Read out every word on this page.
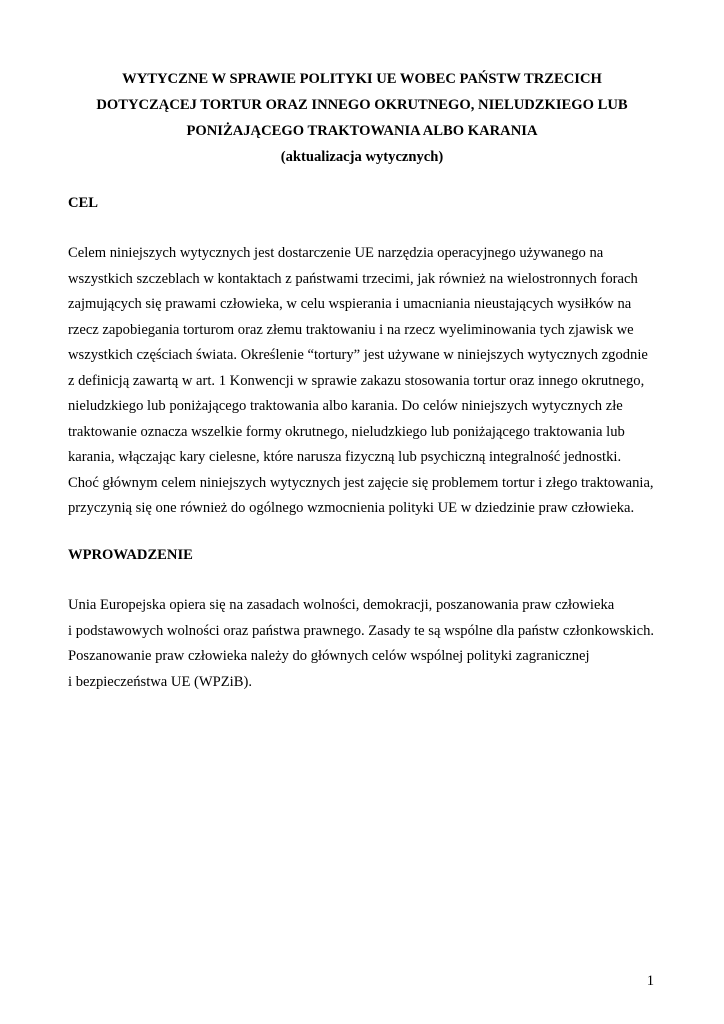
WYTYCZNE W SPRAWIE POLITYKI UE WOBEC PAŃSTW TRZECICH
DOTYCZĄCEJ TORTUR ORAZ INNEGO OKRUTNEGO, NIELUDZKIEGO LUB
PONIŻAJĄCEGO TRAKTOWANIA ALBO KARANIA
(aktualizacja wytycznych)
CEL
Celem niniejszych wytycznych jest dostarczenie UE narzędzia operacyjnego używanego na
wszystkich szczeblach w kontaktach z państwami trzecimi, jak również na wielostronnych forach
zajmujących się prawami człowieka, w celu wspierania i umacniania nieustających wysiłków na
rzecz zapobiegania torturom oraz złemu traktowaniu i na rzecz wyeliminowania tych zjawisk we
wszystkich częściach świata. Określenie “tortury” jest używane w niniejszych wytycznych zgodnie
z definicją zawartą w art. 1 Konwencji w sprawie zakazu stosowania tortur oraz innego okrutnego,
nieludzkiego lub poniżającego traktowania albo karania. Do celów niniejszych wytycznych złe
traktowanie oznacza wszelkie formy okrutnego, nieludzkiego lub poniżającego traktowania lub
karania, włączając kary cielesne, które narusza fizyczną lub psychiczną integralność jednostki.
Choć głównym celem niniejszych wytycznych jest zajęcie się problemem tortur i złego traktowania,
przyczynią się one również do ogólnego wzmocnienia polityki UE w dziedzinie praw człowieka.
WPROWADZENIE
Unia Europejska opiera się na zasadach wolności, demokracji, poszanowania praw człowieka
i podstawowych wolności oraz państwa prawnego. Zasady te są wspólne dla państw członkowskich.
Poszanowanie praw człowieka należy do głównych celów wspólnej polityki zagranicznej
i bezpieczeństwa UE (WPZiB).
1
